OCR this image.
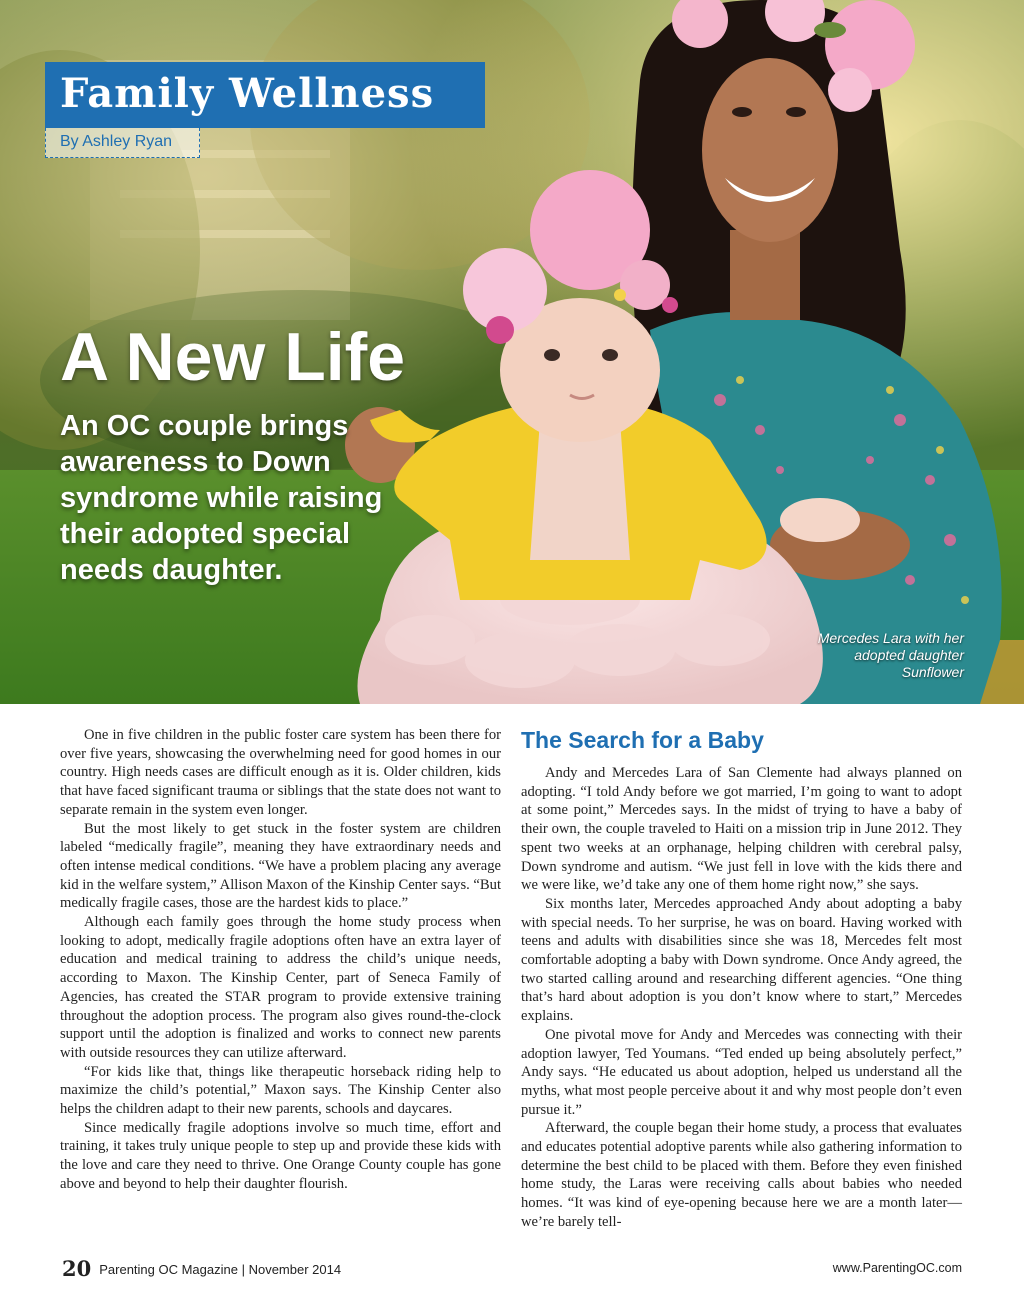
Family Wellness
By Ashley Ryan
A New Life
An OC couple brings awareness to Down syndrome while raising their adopted special needs daughter.
Mercedes Lara with her adopted daughter Sunflower

One in five children in the public foster care system has been there for over five years, showcasing the overwhelming need for good homes in our country. High needs cases are difficult enough as it is. Older children, kids that have faced significant trauma or siblings that the state does not want to separate remain in the system even longer.

But the most likely to get stuck in the foster system are children labeled “medically fragile”, meaning they have extraordinary needs and often intense medical conditions. “We have a problem placing any average kid in the welfare system,” Allison Maxon of the Kinship Center says. “But medically fragile cases, those are the hardest kids to place.”

Although each family goes through the home study process when looking to adopt, medically fragile adoptions often have an extra layer of education and medical training to address the child’s unique needs, according to Maxon. The Kinship Center, part of Seneca Family of Agencies, has created the STAR program to provide extensive training throughout the adoption process. The program also gives round-the-clock support until the adoption is finalized and works to connect new parents with outside resources they can utilize afterward.

“For kids like that, things like therapeutic horseback riding help to maximize the child’s potential,” Maxon says. The Kinship Center also helps the children adapt to their new parents, schools and daycares.

Since medically fragile adoptions involve so much time, effort and training, it takes truly unique people to step up and provide these kids with the love and care they need to thrive. One Orange County couple has gone above and beyond to help their daughter flourish.

The Search for a Baby

Andy and Mercedes Lara of San Clemente had always planned on adopting. “I told Andy before we got married, I’m going to want to adopt at some point,” Mercedes says. In the midst of trying to have a baby of their own, the couple traveled to Haiti on a mission trip in June 2012. They spent two weeks at an orphanage, helping children with cerebral palsy, Down syndrome and autism. “We just fell in love with the kids there and we were like, we’d take any one of them home right now,” she says.

Six months later, Mercedes approached Andy about adopting a baby with special needs. To her surprise, he was on board. Having worked with teens and adults with disabilities since she was 18, Mercedes felt most comfortable adopting a baby with Down syndrome. Once Andy agreed, the two started calling around and researching different agencies. “One thing that’s hard about adoption is you don’t know where to start,” Mercedes explains.

One pivotal move for Andy and Mercedes was connecting with their adoption lawyer, Ted Youmans. “Ted ended up being absolutely perfect,” Andy says. “He educated us about adoption, helped us understand all the myths, what most people perceive about it and why most people don’t even pursue it.”

Afterward, the couple began their home study, a process that evaluates and educates potential adoptive parents while also gathering information to determine the best child to be placed with them. Before they even finished home study, the Laras were receiving calls about babies who needed homes. “It was kind of eye-opening because here we are a month later—we’re barely tell-

20 Parenting OC Magazine | November 2014	www.ParentingOC.com
